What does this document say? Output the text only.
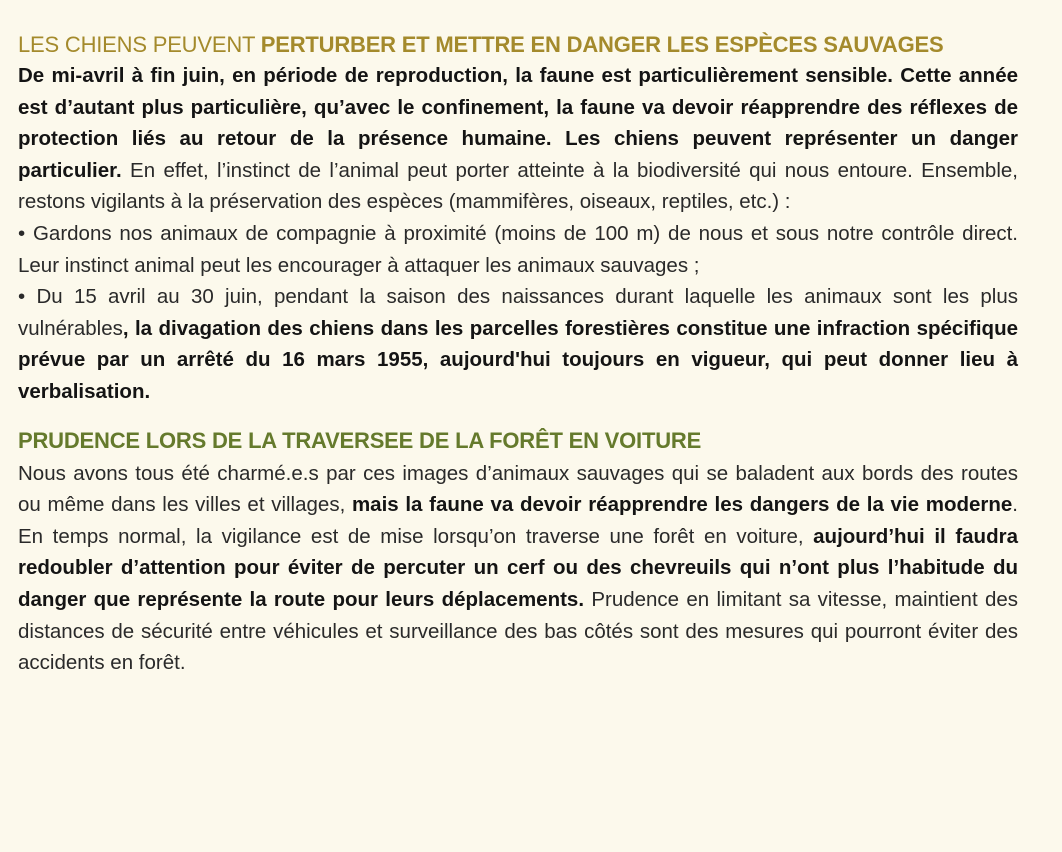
LES CHIENS PEUVENT PERTURBER ET METTRE EN DANGER LES ESPÈCES SAUVAGES

De mi-avril à fin juin, en période de reproduction, la faune est particulièrement sensible. Cette année est d’autant plus particulière, qu’avec le confinement, la faune va devoir réapprendre des réflexes de protection liés au retour de la présence humaine. Les chiens peuvent représenter un danger particulier. En effet, l’instinct de l’animal peut porter atteinte à la biodiversité qui nous entoure. Ensemble, restons vigilants à la préservation des espèces (mammifères, oiseaux, reptiles, etc.) :

• Gardons nos animaux de compagnie à proximité (moins de 100 m) de nous et sous notre contrôle direct. Leur instinct animal peut les encourager à attaquer les animaux sauvages ;

• Du 15 avril au 30 juin, pendant la saison des naissances durant laquelle les animaux sont les plus vulnérables, la divagation des chiens dans les parcelles forestières constitue une infraction spécifique prévue par un arrêté du 16 mars 1955, aujourd'hui toujours en vigueur, qui peut donner lieu à verbalisation.

PRUDENCE LORS DE LA TRAVERSEE DE LA FORÊT EN VOITURE

Nous avons tous été charmé.e.s par ces images d’animaux sauvages qui se baladent aux bords des routes ou même dans les villes et villages, mais la faune va devoir réapprendre les dangers de la vie moderne. En temps normal, la vigilance est de mise lorsqu’on traverse une forêt en voiture, aujourd’hui il faudra redoubler d’attention pour éviter de percuter un cerf ou des chevreuils qui n’ont plus l’habitude du danger que représente la route pour leurs déplacements. Prudence en limitant sa vitesse, maintient des distances de sécurité entre véhicules et surveillance des bas côtés sont des mesures qui pourront éviter des accidents en forêt.
